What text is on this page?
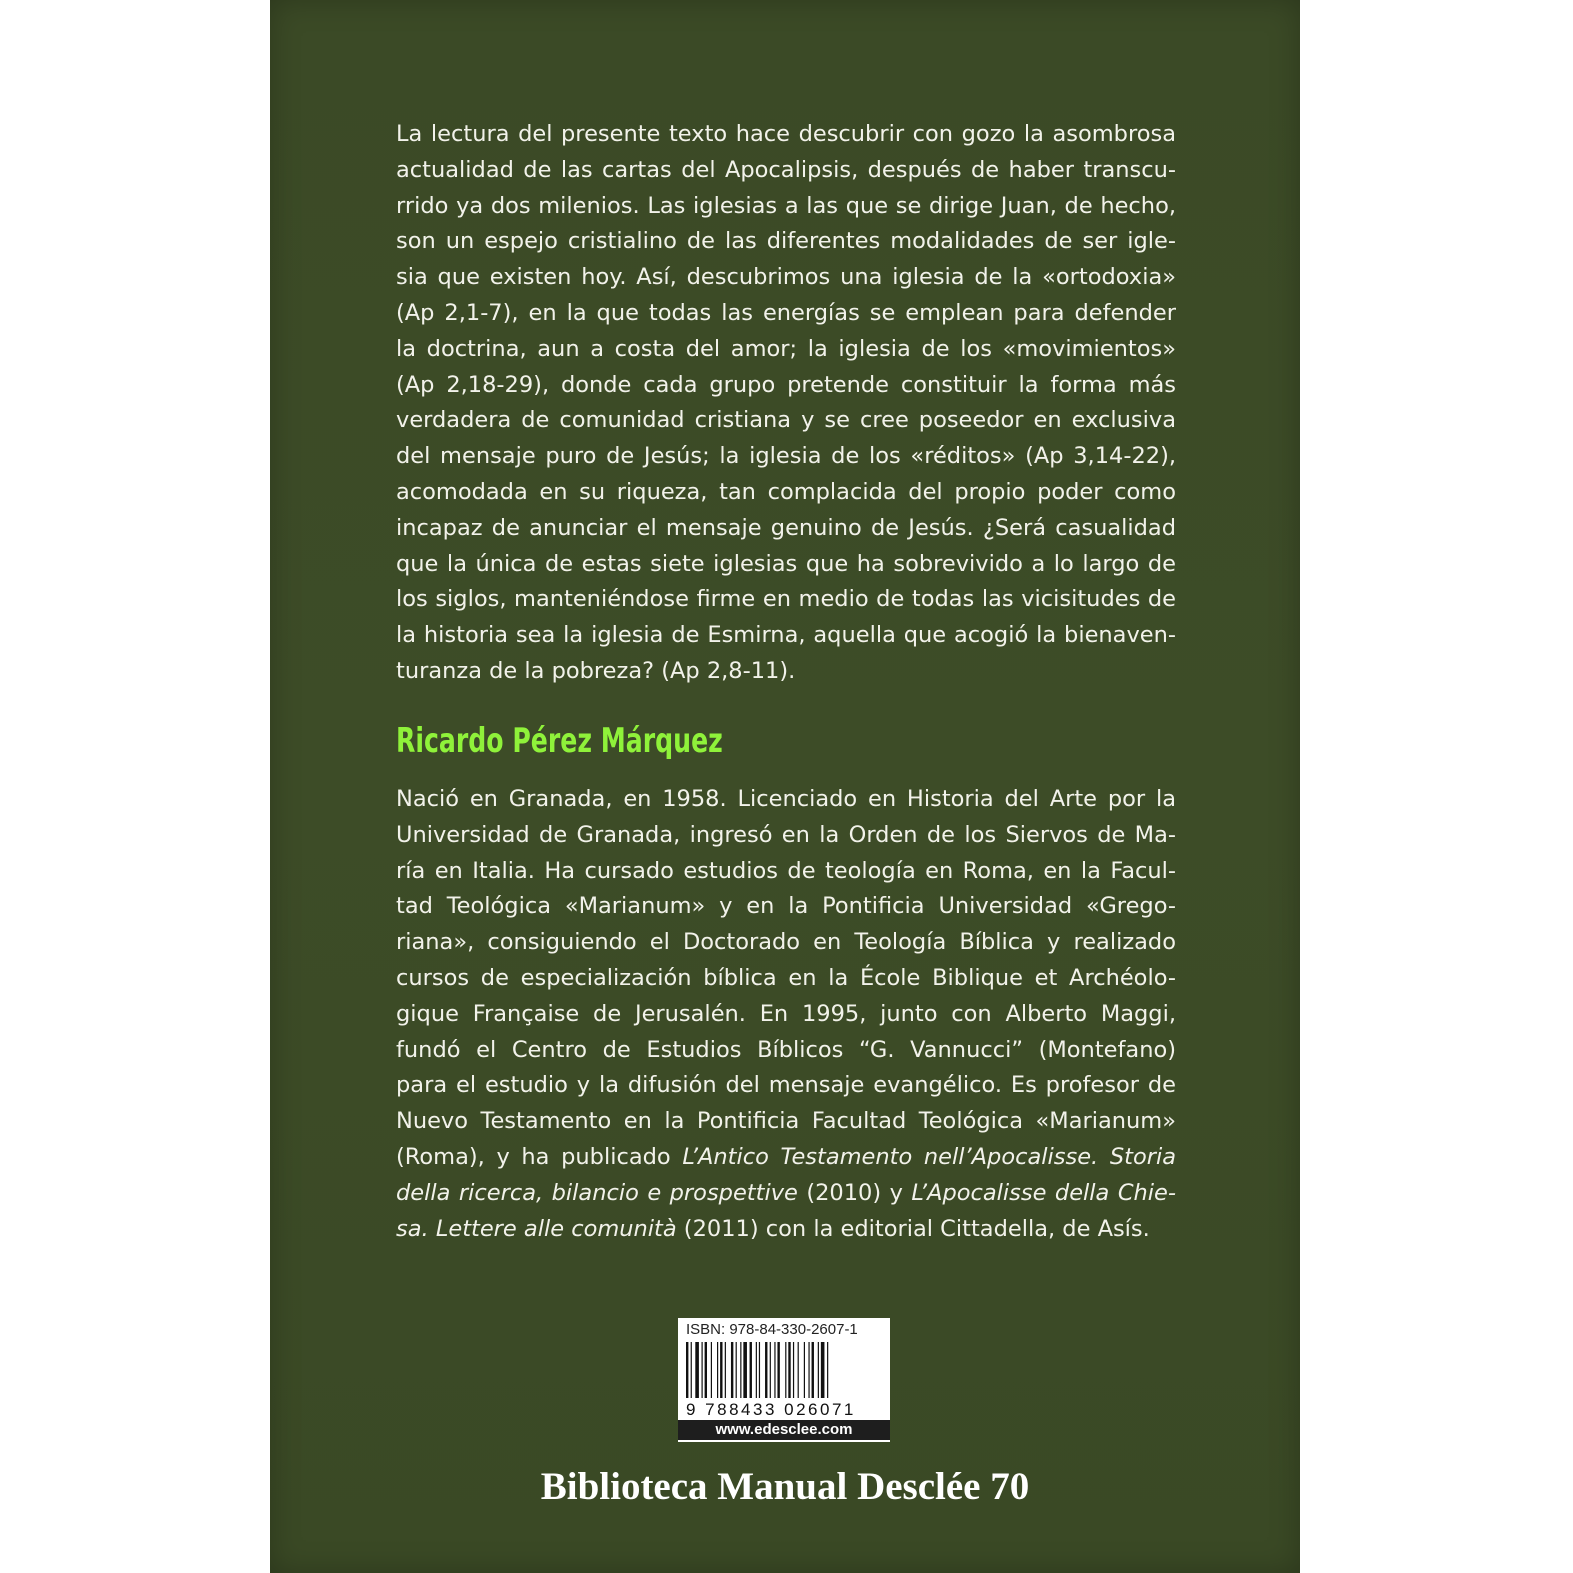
La lectura del presente texto hace descubrir con gozo la asombrosa
actualidad de las cartas del Apocalipsis, después de haber transcu-
rrido ya dos milenios. Las iglesias a las que se dirige Juan, de hecho,
son un espejo cristialino de las diferentes modalidades de ser igle-
sia que existen hoy. Así, descubrimos una iglesia de la «ortodoxia»
(Ap 2,1-7), en la que todas las energías se emplean para defender
la doctrina, aun a costa del amor; la iglesia de los «movimientos»
(Ap 2,18-29), donde cada grupo pretende constituir la forma más
verdadera de comunidad cristiana y se cree poseedor en exclusiva
del mensaje puro de Jesús; la iglesia de los «réditos» (Ap 3,14-22),
acomodada en su riqueza, tan complacida del propio poder como
incapaz de anunciar el mensaje genuino de Jesús. ¿Será casualidad
que la única de estas siete iglesias que ha sobrevivido a lo largo de
los siglos, manteniéndose firme en medio de todas las vicisitudes de
la historia sea la iglesia de Esmirna, aquella que acogió la bienaven-
turanza de la pobreza? (Ap 2,8-11).
Ricardo Pérez Márquez
Nació en Granada, en 1958. Licenciado en Historia del Arte por la
Universidad de Granada, ingresó en la Orden de los Siervos de Ma-
ría en Italia. Ha cursado estudios de teología en Roma, en la Facul-
tad Teológica «Marianum» y en la Pontificia Universidad «Grego-
riana», consiguiendo el Doctorado en Teología Bíblica y realizado
cursos de especialización bíblica en la École Biblique et Archéolo-
gique Française de Jerusalén. En 1995, junto con Alberto Maggi,
fundó el Centro de Estudios Bíblicos “G. Vannucci” (Montefano)
para el estudio y la difusión del mensaje evangélico. Es profesor de
Nuevo Testamento en la Pontificia Facultad Teológica «Marianum»
(Roma), y ha publicado L’Antico Testamento nell’Apocalisse. Storia
della ricerca, bilancio e prospettive (2010) y L’Apocalisse della Chie-
sa. Lettere alle comunità (2011) con la editorial Cittadella, de Asís.
ISBN: 978-84-330-2607-1
9 788433 026071
www.edesclee.com
Biblioteca Manual Desclée 70
